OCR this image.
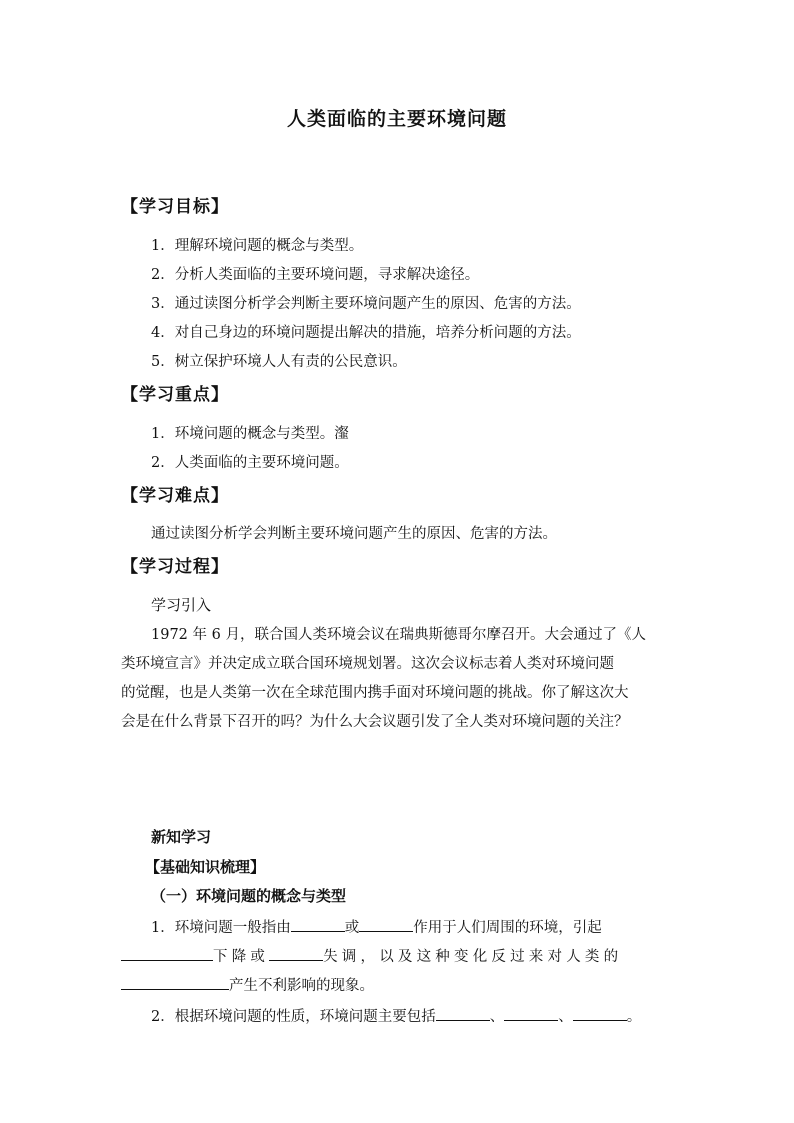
人类面临的主要环境问题
【学习目标】
1．理解环境问题的概念与类型。
2．分析人类面临的主要环境问题，寻求解决途径。
3．通过读图分析学会判断主要环境问题产生的原因、危害的方法。
4．对自己身边的环境问题提出解决的措施，培养分析问题的方法。
5．树立保护环境人人有责的公民意识。
【学习重点】
1．环境问题的概念与类型。瀣
2．人类面临的主要环境问题。
【学习难点】
通过读图分析学会判断主要环境问题产生的原因、危害的方法。
【学习过程】
学习引入
1972 年 6 月，联合国人类环境会议在瑞典斯德哥尔摩召开。大会通过了《人
类环境宣言》并决定成立联合国环境规划署。这次会议标志着人类对环境问题
的觉醒，也是人类第一次在全球范围内携手面对环境问题的挑战。你了解这次大
会是在什么背景下召开的吗？为什么大会议题引发了全人类对环境问题的关注？
新知学习
【基础知识梳理】
（一）环境问题的概念与类型
1．环境问题一般指由	或	作用于人们周围的环境，引起
下降或	失调，以及这种变化反过来对人类的
产生不利影响的现象。
2．根据环境问题的性质，环境问题主要包括	、	、	。
